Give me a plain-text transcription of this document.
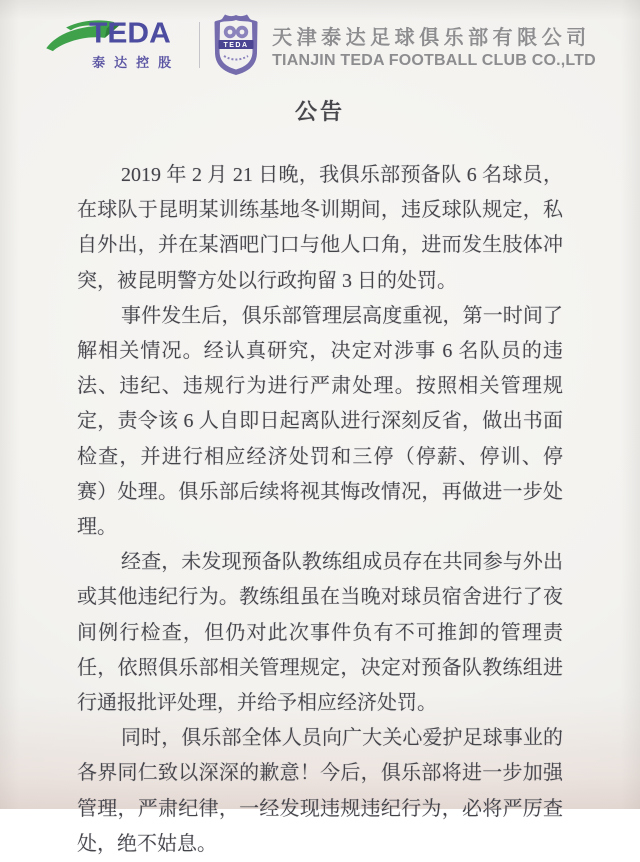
TEDA
泰达控股
TEDA 天津泰达足球俱乐部有限公司
TIANJIN TEDA FOOTBALL CLUB CO.,LTD
公告

2019 年 2 月 21 日晚，我俱乐部预备队 6 名球员，在球队于昆明某训练基地冬训期间，违反球队规定，私自外出，并在某酒吧门口与他人口角，进而发生肢体冲突，被昆明警方处以行政拘留 3 日的处罚。

事件发生后，俱乐部管理层高度重视，第一时间了解相关情况。经认真研究，决定对涉事 6 名队员的违法、违纪、违规行为进行严肃处理。按照相关管理规定，责令该 6 人自即日起离队进行深刻反省，做出书面检查，并进行相应经济处罚和三停（停薪、停训、停赛）处理。俱乐部后续将视其悔改情况，再做进一步处理。

经查，未发现预备队教练组成员存在共同参与外出或其他违纪行为。教练组虽在当晚对球员宿舍进行了夜间例行检查，但仍对此次事件负有不可推卸的管理责任，依照俱乐部相关管理规定，决定对预备队教练组进行通报批评处理，并给予相应经济处罚。

同时，俱乐部全体人员向广大关心爱护足球事业的各界同仁致以深深的歉意！今后，俱乐部将进一步加强管理，严肃纪律，一经发现违规违纪行为，必将严厉查处，绝不姑息。
